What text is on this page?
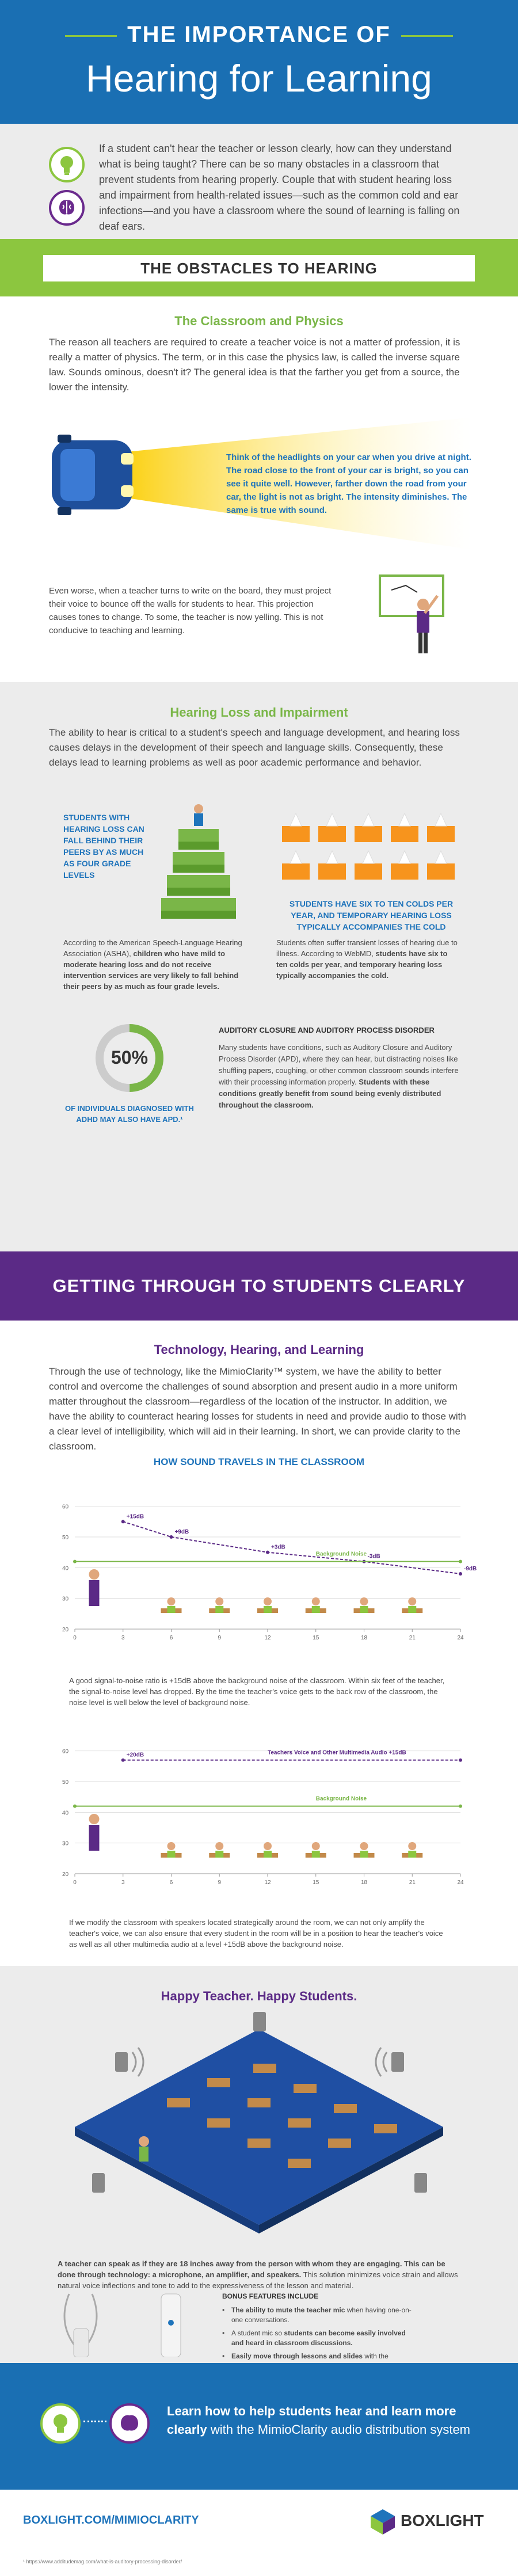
THE IMPORTANCE OF
Hearing for Learning

If a student can't hear the teacher or lesson clearly, how can they understand what is being taught? There can be so many obstacles in a classroom that prevent students from hearing properly. Couple that with student hearing loss and impairment from health-related issues—such as the common cold and ear infections—and you have a classroom where the sound of learning is falling on deaf ears.

THE OBSTACLES TO HEARING
The Classroom and Physics
The reason all teachers are required to create a teacher voice is not a matter of profession, it is really a matter of physics. The term, or in this case the physics law, is called the inverse square law. Sounds ominous, doesn't it? The general idea is that the farther you get from a source, the lower the intensity.
Think of the headlights on your car when you drive at night. The road close to the front of your car is bright, so you can see it quite well. However, farther down the road from your car, the light is not as bright. The intensity diminishes. The same is true with sound.
Even worse, when a teacher turns to write on the board, they must project their voice to bounce off the walls for students to hear. This projection causes tones to change. To some, the teacher is now yelling. This is not conducive to teaching and learning.
Hearing Loss and Impairment
The ability to hear is critical to a student's speech and language development, and hearing loss causes delays in the development of their speech and language skills. Consequently, these delays lead to learning problems as well as poor academic performance and behavior.
STUDENTS WITH HEARING LOSS CAN FALL BEHIND THEIR PEERS BY AS MUCH AS FOUR GRADE LEVELS
According to the American Speech-Language Hearing Association (ASHA), children who have mild to moderate hearing loss and do not receive intervention services are very likely to fall behind their peers by as much as four grade levels.
STUDENTS HAVE SIX TO TEN COLDS PER YEAR, AND TEMPORARY HEARING LOSS TYPICALLY ACCOMPANIES THE COLD
Students often suffer transient losses of hearing due to illness. According to WebMD, students have six to ten colds per year, and temporary hearing loss typically accompanies the cold.
50%
OF INDIVIDUALS DIAGNOSED WITH ADHD MAY ALSO HAVE APD.¹
AUDITORY CLOSURE AND AUDITORY PROCESS DISORDER
Many students have conditions, such as Auditory Closure and Auditory Process Disorder (APD), where they can hear, but distracting noises like shuffling papers, coughing, or other common classroom sounds interfere with their processing information properly. Students with these conditions greatly benefit from sound being evenly distributed throughout the classroom.
GETTING THROUGH TO STUDENTS CLEARLY
Technology, Hearing, and Learning
Through the use of technology, like the MimioClarity™ system, we have the ability to better control and overcome the challenges of sound absorption and present audio in a more uniform matter throughout the classroom—regardless of the location of the instructor. In addition, we have the ability to counteract hearing losses for students in need and provide audio to those with a clear level of intelligibility, which will aid in their learning. In short, we can provide clarity to the classroom.
HOW SOUND TRAVELS IN THE CLASSROOM
20
30
40
50
60
0	3	6	9	12	15	18	21	24
+15dB
+9dB
+3dB
-3dB
-9dB
Background Noise
A good signal-to-noise ratio is +15dB above the background noise of the classroom. Within six feet of the teacher, the signal-to-noise level has dropped. By the time the teacher's voice gets to the back row of the classroom, the noise level is well below the level of background noise.
20
30
40
50
60
0	3	6	9	12	15	18	21	24
+20dB	Teachers Voice and Other Multimedia Audio +15dB
Background Noise
If we modify the classroom with speakers located strategically around the room, we can not only amplify the teacher's voice, we can also ensure that every student in the room will be in a position to hear the teacher's voice as well as all other multimedia audio at a level +15dB above the background noise.
Happy Teacher. Happy Students.
A teacher can speak as if they are 18 inches away from the person with whom they are engaging. This can be done through technology: a microphone, an amplifier, and speakers. This solution minimizes voice strain and allows natural voice inflections and tone to add to the expressiveness of the lesson and material.
BONUS FEATURES INCLUDE
• The ability to mute the teacher mic when having one-on-one conversations.
• A student mic so students can become easily involved and heard in classroom discussions.
• Easily move through lessons and slides with the
Learn how to help students hear and learn more clearly with the MimioClarity audio distribution system
BOXLIGHT.COM/MIMIOCLARITY	BOXLIGHT
¹ https://www.additudemag.com/what-is-auditory-processing-disorder/
